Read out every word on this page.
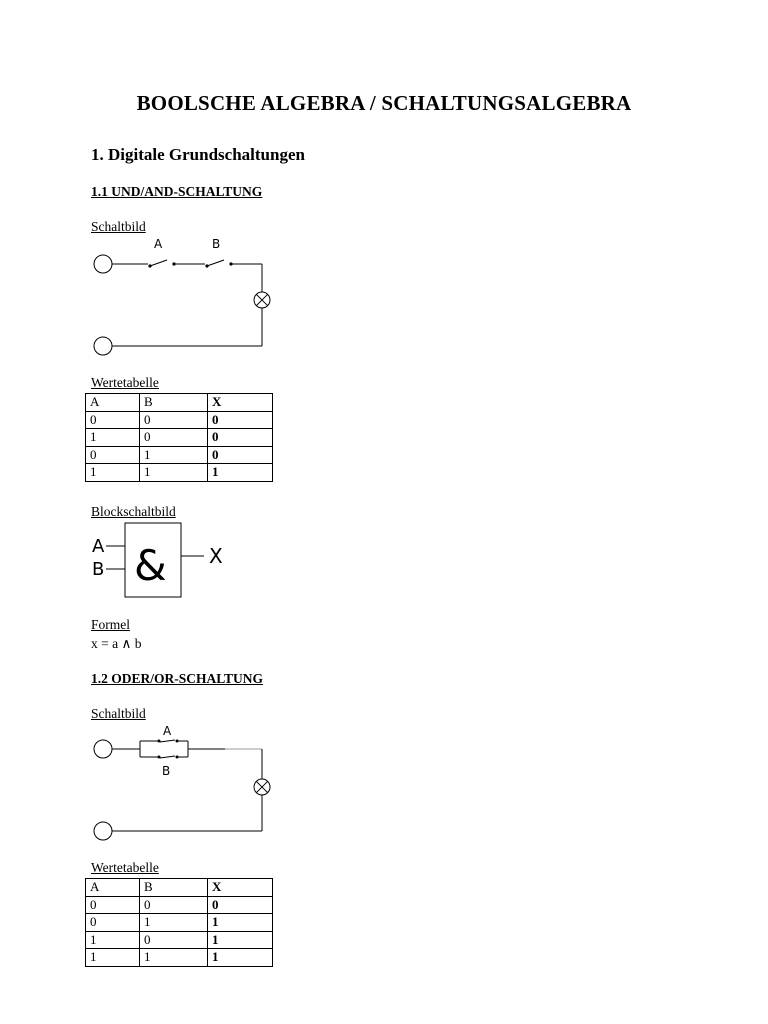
BOOLSCHE ALGEBRA / SCHALTUNGSALGEBRA
1. Digitale Grundschaltungen
1.1 UND/AND-SCHALTUNG
Schaltbild
A	B
Wertetabelle
A	B	X
0	0	0
1	0	0
0	1	0
1	1	1
Blockschaltbild
A
B & X
Formel
x = a ∧ b
1.2 ODER/OR-SCHALTUNG
Schaltbild
A
B
Wertetabelle
A	B	X
0	0	0
0	1	1
1	0	1
1	1	1
